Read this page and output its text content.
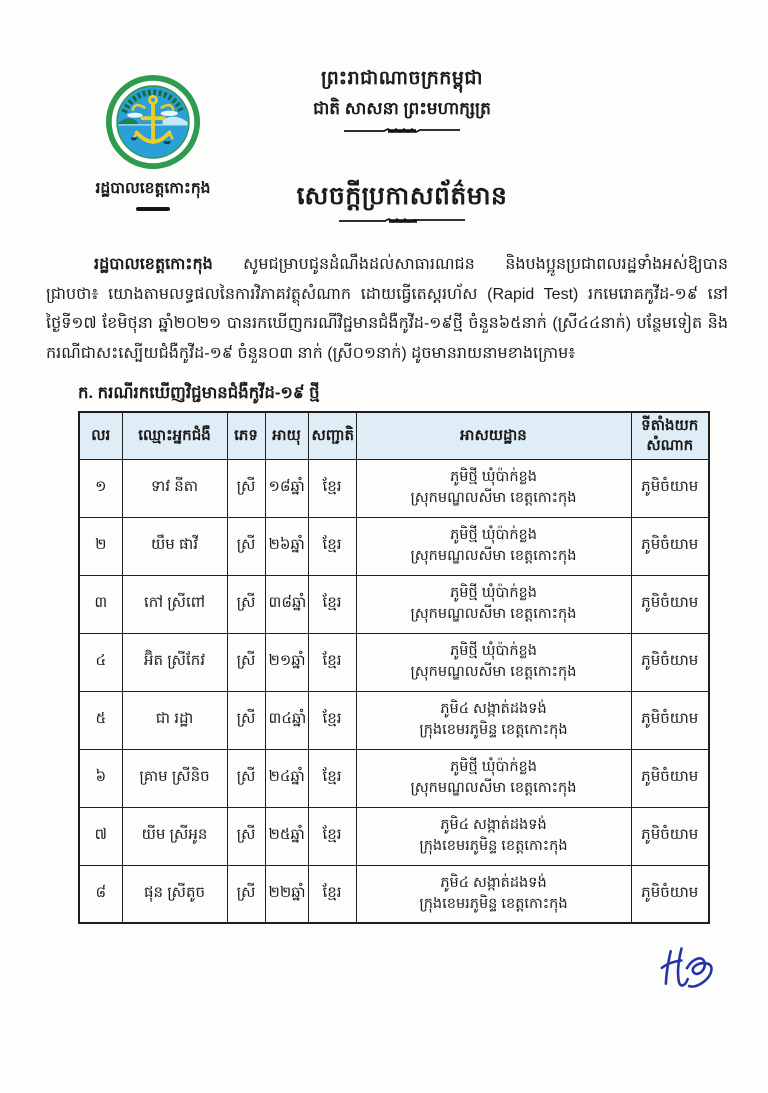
រដ្ឋបាលខេត្តកោះកុង
ព្រះរាជាណាចក្រកម្ពុជា
ជាតិ សាសនា ព្រះមហាក្សត្រ
សេចក្តីប្រកាសព័ត៌មាន

រដ្ឋបាលខេត្តកោះកុង សូមជម្រាបជូនដំណឹងដល់សាធារណជន និងបងប្អូនប្រជាពលរដ្ឋទាំងអស់ឱ្យបានជ្រាបថា៖ យោងតាមលទ្ធផលនៃការវិភាគវត្ថុសំណាក ដោយធ្វើតេស្តរហ័ស (Rapid Test) រកមេរោគកូវីដ-១៩ នៅថ្ងៃទី១៧ ខែមិថុនា ឆ្នាំ២០២១ បានរកឃើញករណីវិជ្ជមានជំងឺកូវីដ-១៩ថ្មី ចំនួន៦៥នាក់ (ស្រី៤៤នាក់) បន្ថែមទៀត និងករណីជាសះស្បើយជំងឺកូវីដ-១៩ ចំនួន០៣ នាក់ (ស្រី០១នាក់) ដូចមានរាយនាមខាងក្រោម៖

ក. ករណីរកឃើញវិជ្ជមានជំងឺកូវីដ-១៩ ថ្មី
លរ	ឈ្មោះអ្នកជំងឺ	ភេទ	អាយុ	សញ្ជាតិ	អាសយដ្ឋាន	ទីតាំងយក សំណាក
១	ទាវ នីតា	ស្រី	១៨ឆ្នាំ	ខ្មែរ	ភូមិថ្មី ឃុំប៉ាក់ខ្លង
ស្រុកមណ្ឌលសីមា ខេត្តកោះកុង	ភូមិចំយាម
២	យឹម ផាវី	ស្រី	២៦ឆ្នាំ	ខ្មែរ	ភូមិថ្មី ឃុំប៉ាក់ខ្លង
ស្រុកមណ្ឌលសីមា ខេត្តកោះកុង	ភូមិចំយាម
៣	កៅ ស្រីពៅ	ស្រី	៣៨ឆ្នាំ	ខ្មែរ	ភូមិថ្មី ឃុំប៉ាក់ខ្លង
ស្រុកមណ្ឌលសីមា ខេត្តកោះកុង	ភូមិចំយាម
៤	អ៊ិត ស្រីកែវ	ស្រី	២១ឆ្នាំ	ខ្មែរ	ភូមិថ្មី ឃុំប៉ាក់ខ្លង
ស្រុកមណ្ឌលសីមា ខេត្តកោះកុង	ភូមិចំយាម
៥	ជា រដ្ឋា	ស្រី	៣៤ឆ្នាំ	ខ្មែរ	ភូមិ៤ សង្កាត់ដងទង់
ក្រុងខេមរភូមិន្ទ ខេត្តកោះកុង	ភូមិចំយាម
៦	គ្រាម ស្រីនិច	ស្រី	២៤ឆ្នាំ	ខ្មែរ	ភូមិថ្មី ឃុំប៉ាក់ខ្លង
ស្រុកមណ្ឌលសីមា ខេត្តកោះកុង	ភូមិចំយាម
៧	យីម ស្រីអូន	ស្រី	២៥ឆ្នាំ	ខ្មែរ	ភូមិ៤ សង្កាត់ដងទង់
ក្រុងខេមរភូមិន្ទ ខេត្តកោះកុង	ភូមិចំយាម
៨	ផុន ស្រីតូច	ស្រី	២២ឆ្នាំ	ខ្មែរ	ភូមិ៤ សង្កាត់ដងទង់
ក្រុងខេមរភូមិន្ទ ខេត្តកោះកុង	ភូមិចំយាម
